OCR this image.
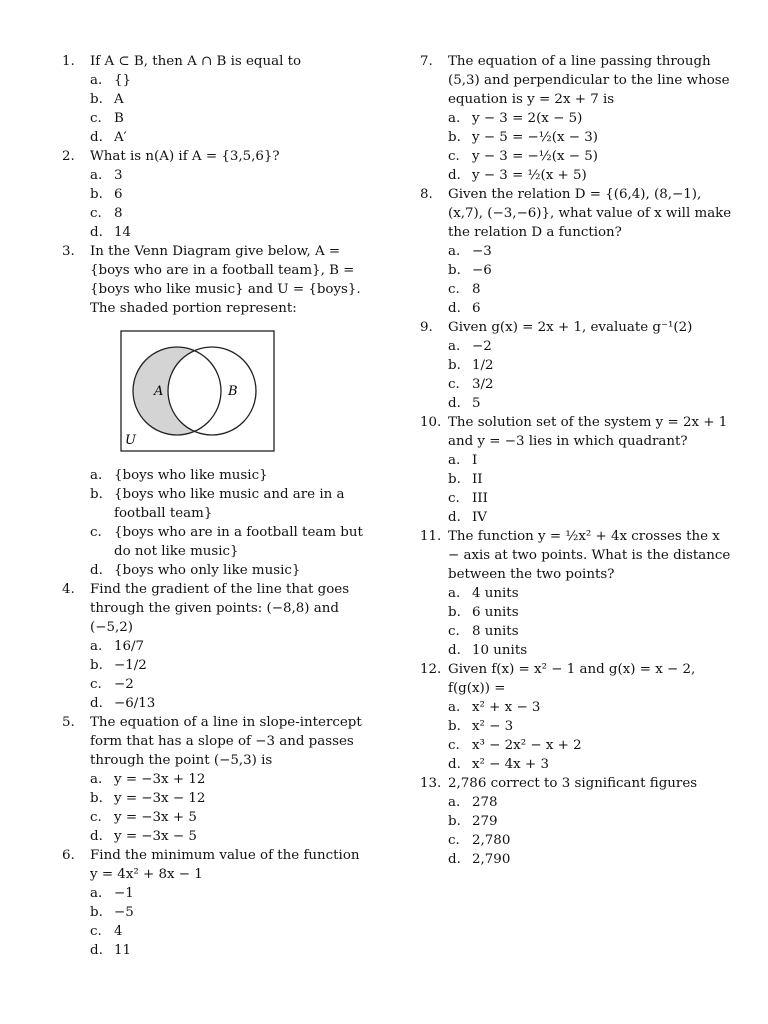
1.	If A ⊂ B, then A ∩ B is equal to
a. {}
b. A
c. B
d. A′
2.	What is n(A) if A = {3,5,6}?
a. 3
b. 6
c. 8
d. 14
3.	In the Venn Diagram give below, A = {boys who are in a football team}, B = {boys who like music} and U = {boys}. The shaded portion represent:
A	B
U
a. {boys who like music}
b. {boys who like music and are in a football team}
c. {boys who are in a football team but do not like music}
d. {boys who only like music}
4.	Find the gradient of the line that goes through the given points: (−8,8) and (−5,2)
a. 16/7
b. −1/2
c. −2
d. −6/13
5.	The equation of a line in slope-intercept form that has a slope of −3 and passes through the point (−5,3) is
a. y = −3x + 12
b. y = −3x − 12
c. y = −3x + 5
d. y = −3x − 5
6.	Find the minimum value of the function y = 4x² + 8x − 1
a. −1
b. −5
c. 4
d. 11
7.	The equation of a line passing through (5,3) and perpendicular to the line whose equation is y = 2x + 7 is
a. y − 3 = 2(x − 5)
b. y − 5 = −½(x − 3)
c. y − 3 = −½(x − 5)
d. y − 3 = ½(x + 5)
8.	Given the relation D = {(6,4), (8,−1), (x,7), (−3,−6)}, what value of x will make the relation D a function?
a. −3
b. −6
c. 8
d. 6
9.	Given g(x) = 2x + 1, evaluate g⁻¹(2)
a. −2
b. 1/2
c. 3/2
d. 5
10. The solution set of the system y = 2x + 1 and y = −3 lies in which quadrant?
a. I
b. II
c. III
d. IV
11. The function y = ½x² + 4x crosses the x − axis at two points. What is the distance between the two points?
a. 4 units
b. 6 units
c. 8 units
d. 10 units
12. Given f(x) = x² − 1 and g(x) = x − 2, f(g(x)) =
a. x² + x − 3
b. x² − 3
c. x³ − 2x² − x + 2
d. x² − 4x + 3
13. 2,786 correct to 3 significant figures
a. 278
b. 279
c. 2,780
d. 2,790
